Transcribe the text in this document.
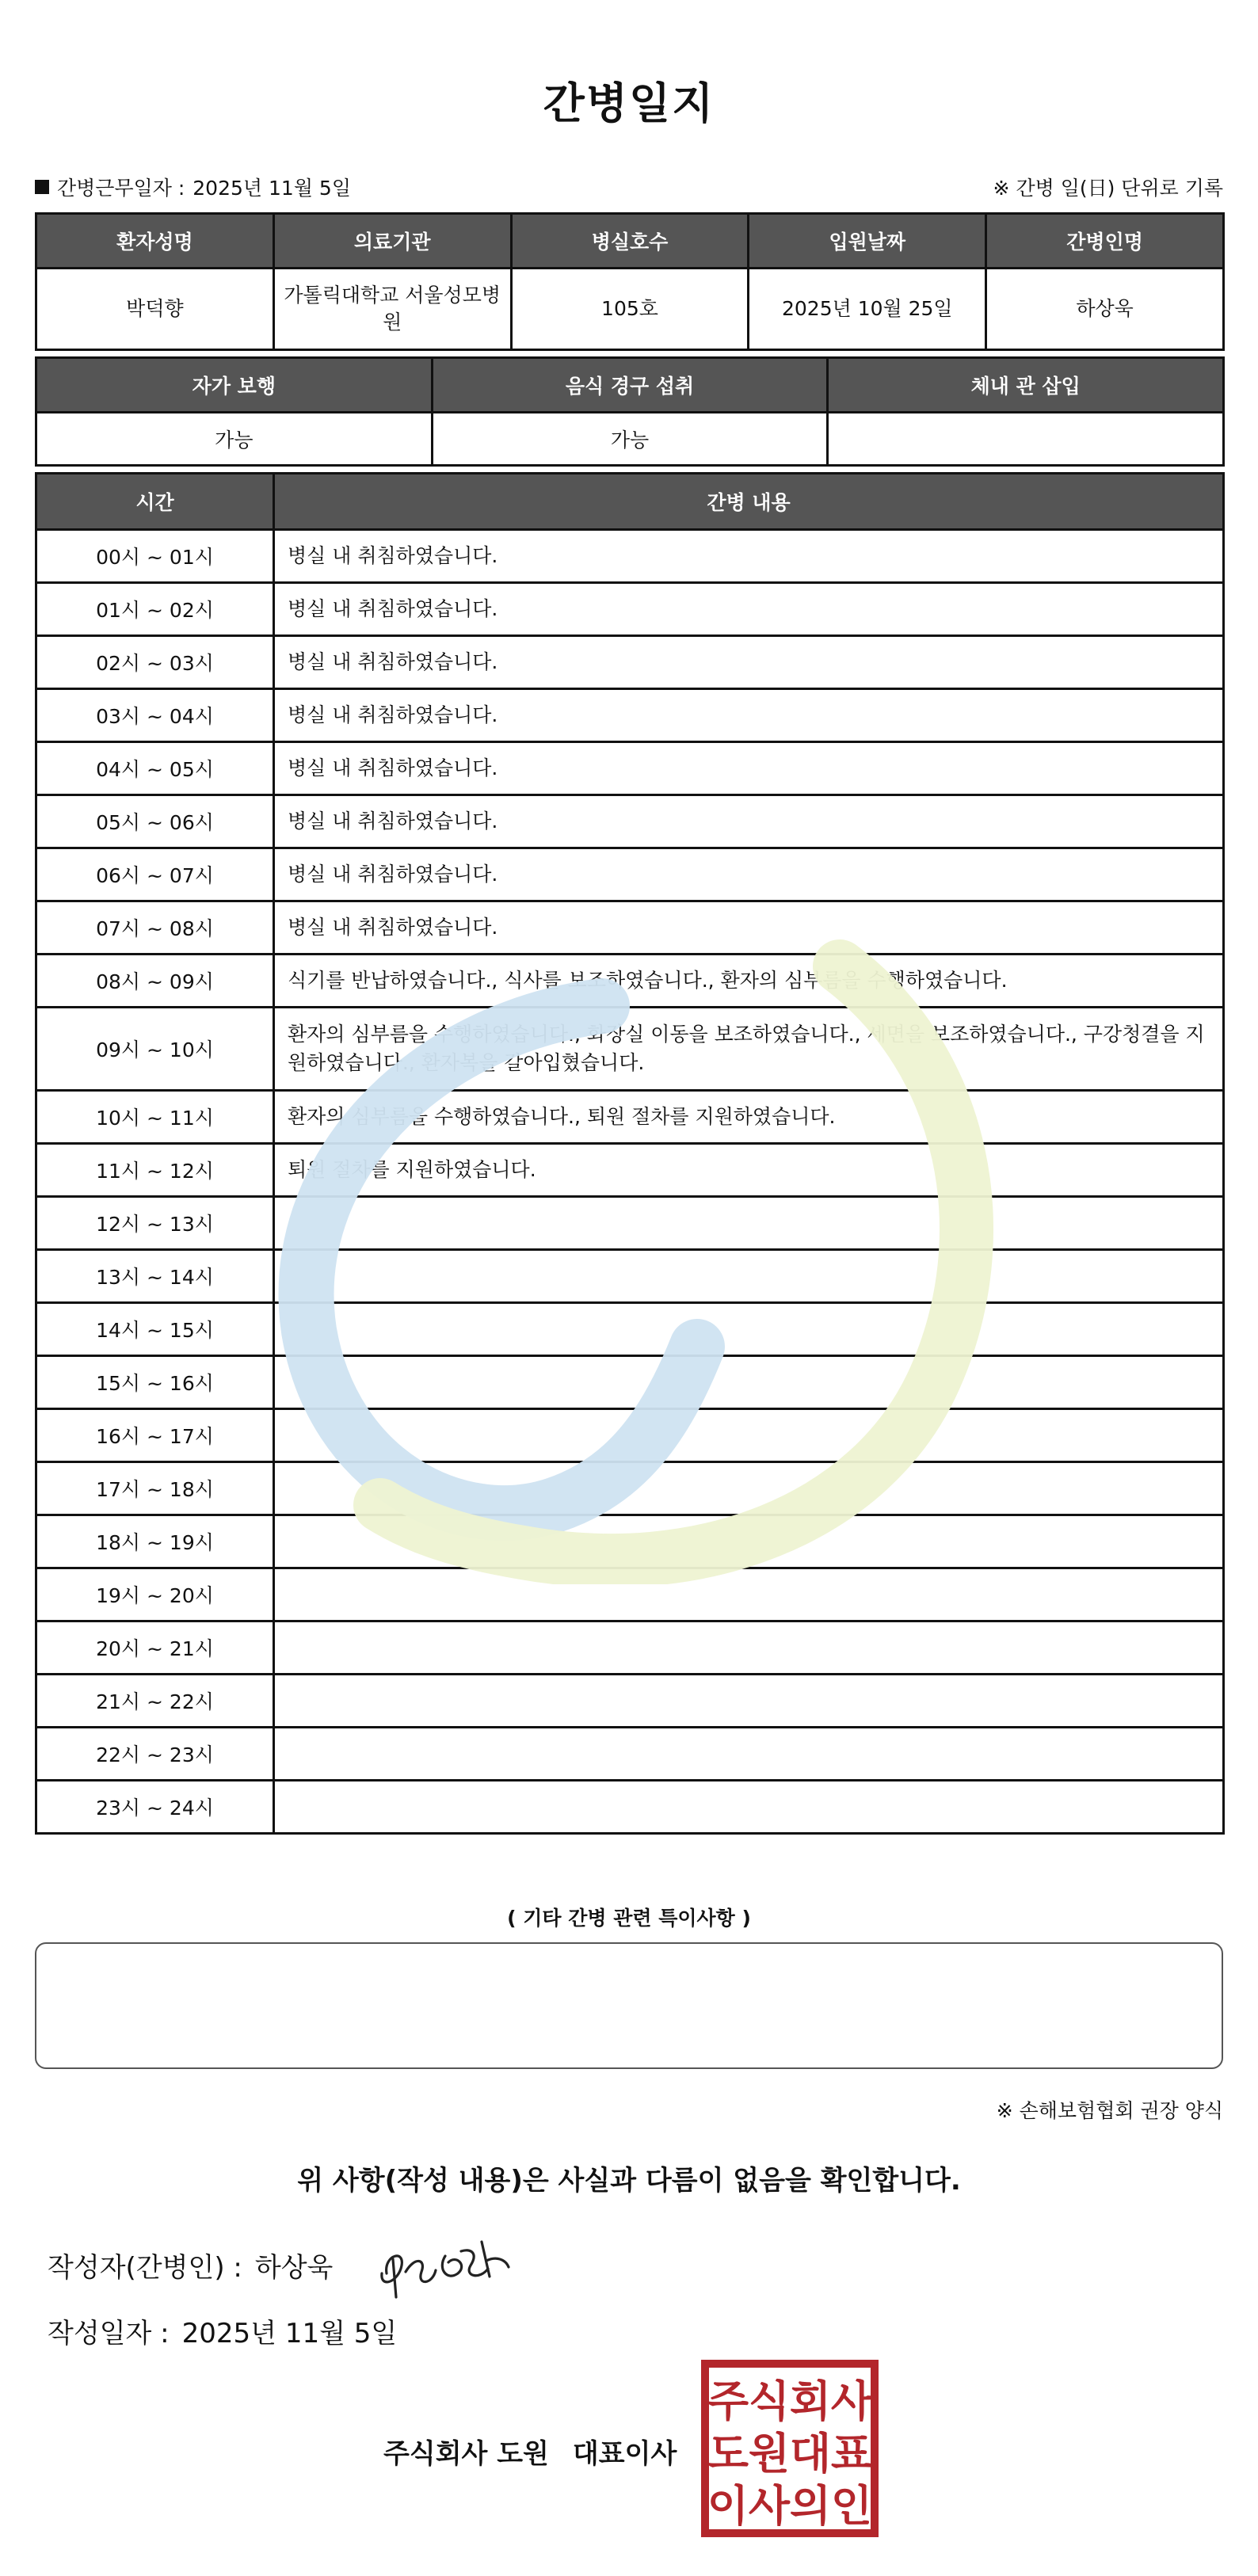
간병일지
간병근무일자 : 2025년 11월 5일	※ 간병 일(日) 단위로 기록
환자성명	의료기관	병실호수	입원날짜	간병인명
박덕향	가톨릭대학교 서울성모병원	105호	2025년 10월 25일	하상욱
자가 보행	음식 경구 섭취	체내 관 삽입
가능	가능	
시간	간병 내용
00시 ~ 01시	병실 내 취침하였습니다.
01시 ~ 02시	병실 내 취침하였습니다.
02시 ~ 03시	병실 내 취침하였습니다.
03시 ~ 04시	병실 내 취침하였습니다.
04시 ~ 05시	병실 내 취침하였습니다.
05시 ~ 06시	병실 내 취침하였습니다.
06시 ~ 07시	병실 내 취침하였습니다.
07시 ~ 08시	병실 내 취침하였습니다.
08시 ~ 09시	식기를 반납하였습니다., 식사를 보조하였습니다., 환자의 심부름을 수행하였습니다.
09시 ~ 10시	환자의 심부름을 수행하였습니다., 화장실 이동을 보조하였습니다., 세면을 보조하였습니다., 구강청결을 지원하였습니다., 환자복을 갈아입혔습니다.
10시 ~ 11시	환자의 심부름을 수행하였습니다., 퇴원 절차를 지원하였습니다.
11시 ~ 12시	퇴원 절차를 지원하였습니다.
12시 ~ 13시	
13시 ~ 14시	
14시 ~ 15시	
15시 ~ 16시	
16시 ~ 17시	
17시 ~ 18시	
18시 ~ 19시	
19시 ~ 20시	
20시 ~ 21시	
21시 ~ 22시	
22시 ~ 23시	
23시 ~ 24시	
( 기타 간병 관련 특이사항 )
※ 손해보험협회 권장 양식
위 사항(작성 내용)은 사실과 다름이 없음을 확인합니다.
작성자(간병인) : 하상욱
작성일자 : 2025년 11월 5일
주식회사 도원 대표이사
주 식 회 사
도 원 대 표
이 사 의 인
